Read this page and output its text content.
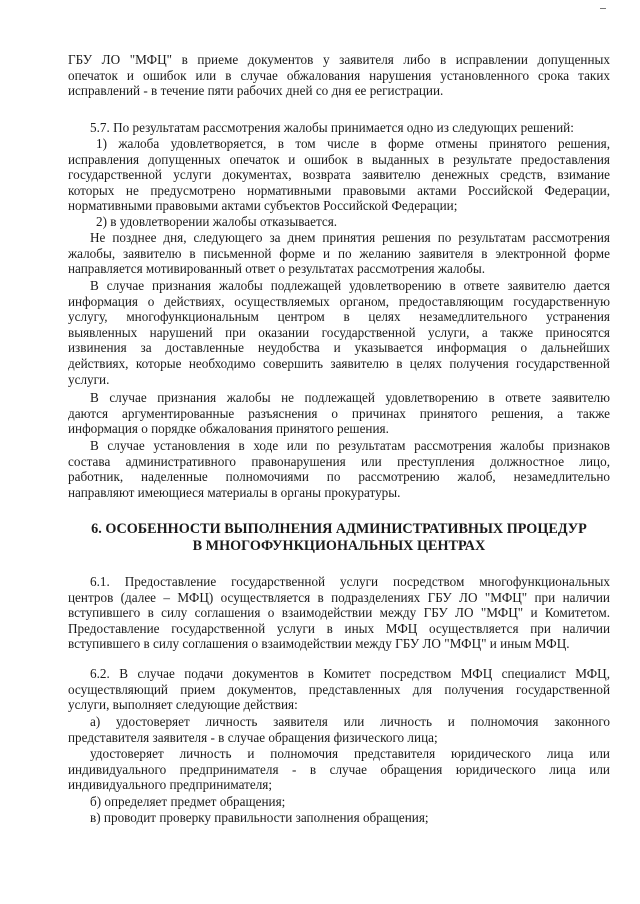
ГБУ ЛО "МФЦ" в приеме документов у заявителя либо в исправлении допущенных
опечаток и ошибок или в случае обжалования нарушения установленного срока таких
исправлений - в течение пяти рабочих дней со дня ее регистрации.

5.7. По результатам рассмотрения жалобы принимается одно из следующих решений:

1) жалоба удовлетворяется, в том числе в форме отмены принятого решения,
исправления допущенных опечаток и ошибок в выданных в результате предоставления
государственной услуги документах, возврата заявителю денежных средств, взимание
которых не предусмотрено нормативными правовыми актами Российской Федерации,
нормативными правовыми актами субъектов Российской Федерации;

2) в удовлетворении жалобы отказывается.

Не позднее дня, следующего за днем принятия решения по результатам рассмотрения
жалобы, заявителю в письменной форме и по желанию заявителя в электронной форме
направляется мотивированный ответ о результатах рассмотрения жалобы.

В случае признания жалобы подлежащей удовлетворению в ответе заявителю дается
информация о действиях, осуществляемых органом, предоставляющим государственную
услугу, многофункциональным центром в целях незамедлительного устранения
выявленных нарушений при оказании государственной услуги, а также приносятся
извинения за доставленные неудобства и указывается информация о дальнейших
действиях, которые необходимо совершить заявителю в целях получения государственной
услуги.

В случае признания жалобы не подлежащей удовлетворению в ответе заявителю
даются аргументированные разъяснения о причинах принятого решения, а также
информация о порядке обжалования принятого решения.

В случае установления в ходе или по результатам рассмотрения жалобы признаков
состава административного правонарушения или преступления должностное лицо,
работник, наделенные полномочиями по рассмотрению жалоб, незамедлительно
направляют имеющиеся материалы в органы прокуратуры.

6. ОСОБЕННОСТИ ВЫПОЛНЕНИЯ АДМИНИСТРАТИВНЫХ ПРОЦЕДУР
В МНОГОФУНКЦИОНАЛЬНЫХ ЦЕНТРАХ

6.1. Предоставление государственной услуги посредством многофункциональных
центров (далее – МФЦ) осуществляется в подразделениях ГБУ ЛО "МФЦ" при наличии
вступившего в силу соглашения о взаимодействии между ГБУ ЛО "МФЦ" и Комитетом.
Предоставление государственной услуги в иных МФЦ осуществляется при наличии
вступившего в силу соглашения о взаимодействии между ГБУ ЛО "МФЦ" и иным МФЦ.

6.2. В случае подачи документов в Комитет посредством МФЦ специалист МФЦ,
осуществляющий прием документов, представленных для получения государственной
услуги, выполняет следующие действия:

а) удостоверяет личность заявителя или личность и полномочия законного
представителя заявителя - в случае обращения физического лица;

удостоверяет личность и полномочия представителя юридического лица или
индивидуального предпринимателя - в случае обращения юридического лица или
индивидуального предпринимателя;

б) определяет предмет обращения;

в) проводит проверку правильности заполнения обращения;
